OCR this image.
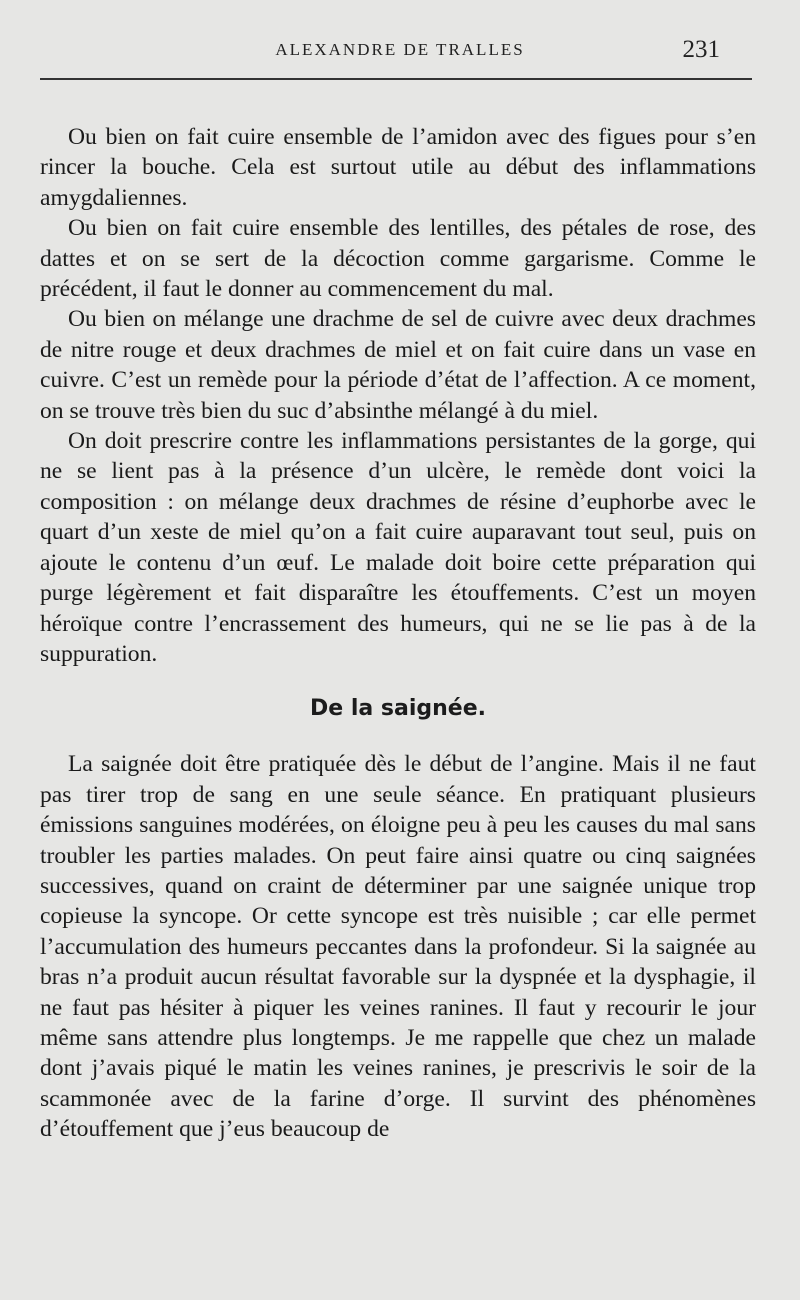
ALEXANDRE DE TRALLES	231

Ou bien on fait cuire ensemble de l’amidon avec des figues pour s’en rincer la bouche. Cela est surtout utile au début des inflammations amygdaliennes.

Ou bien on fait cuire ensemble des lentilles, des pétales de rose, des dattes et on se sert de la décoction comme gargarisme. Comme le précédent, il faut le donner au commencement du mal.

Ou bien on mélange une drachme de sel de cuivre avec deux drachmes de nitre rouge et deux drachmes de miel et on fait cuire dans un vase en cuivre. C’est un remède pour la période d’état de l’affection. A ce moment, on se trouve très bien du suc d’absinthe mélangé à du miel.

On doit prescrire contre les inflammations persistantes de la gorge, qui ne se lient pas à la présence d’un ulcère, le remède dont voici la composition : on mélange deux drachmes de résine d’euphorbe avec le quart d’un xeste de miel qu’on a fait cuire auparavant tout seul, puis on ajoute le contenu d’un œuf. Le malade doit boire cette préparation qui purge légèrement et fait disparaître les étouffements. C’est un moyen héroïque contre l’encrassement des humeurs, qui ne se lie pas à de la suppuration.

De la saignée.

La saignée doit être pratiquée dès le début de l’angine. Mais il ne faut pas tirer trop de sang en une seule séance. En pratiquant plusieurs émissions sanguines modérées, on éloigne peu à peu les causes du mal sans troubler les parties malades. On peut faire ainsi quatre ou cinq saignées successives, quand on craint de déterminer par une saignée unique trop copieuse la syncope. Or cette syncope est très nuisible ; car elle permet l’accumulation des humeurs peccantes dans la profondeur. Si la saignée au bras n’a produit aucun résultat favorable sur la dyspnée et la dysphagie, il ne faut pas hésiter à piquer les veines ranines. Il faut y recourir le jour même sans attendre plus longtemps. Je me rappelle que chez un malade dont j’avais piqué le matin les veines ranines, je prescrivis le soir de la scammonée avec de la farine d’orge. Il survint des phénomènes d’étouffement que j’eus beaucoup de
